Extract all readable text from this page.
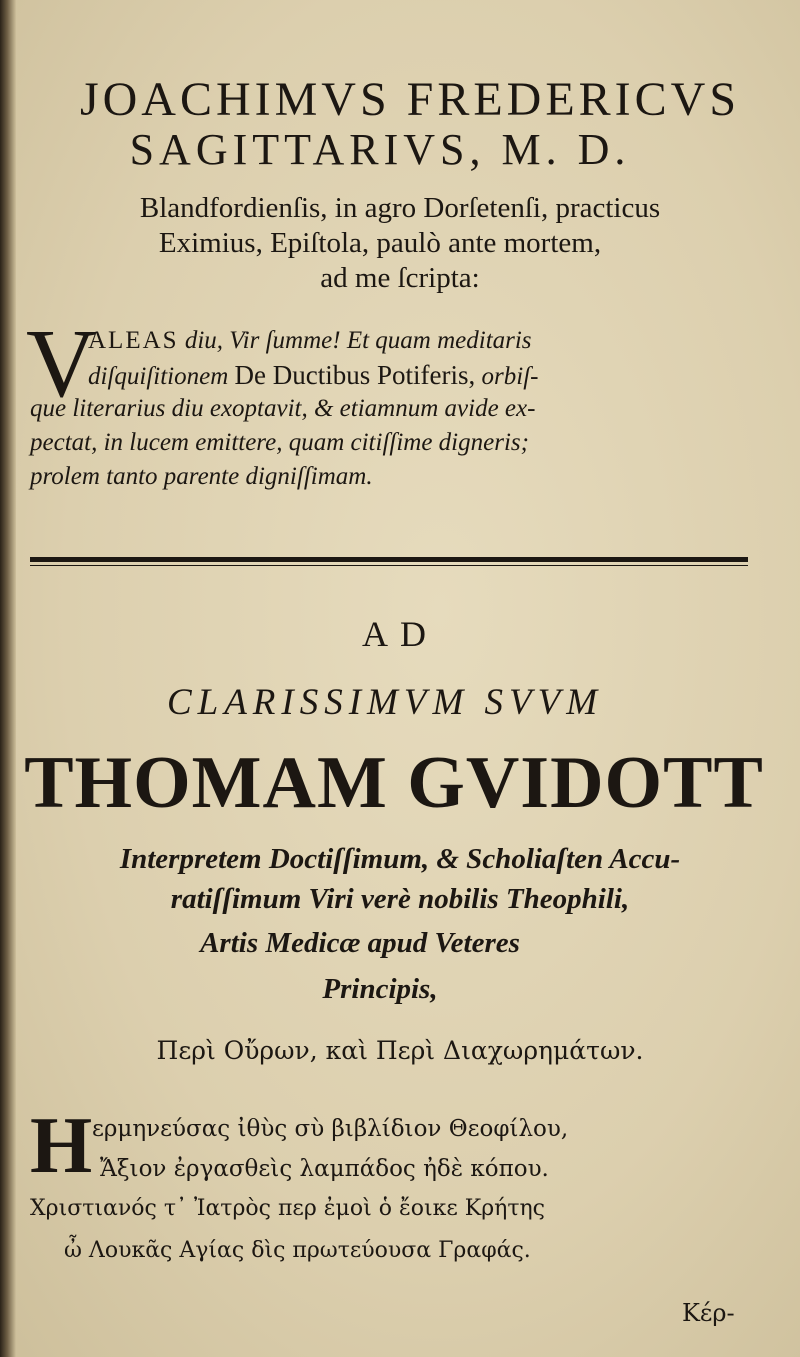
JOACHIMVS FREDERICVS
SAGITTARIVS, M. D.
Blandfordienſis, in agro Dorſetenſi, practicus
Eximius, Epiſtola, paulò ante mortem,
ad me ſcripta:
V
ALEAS diu, Vir ſumme! Et quam meditaris
diſquiſitionem De Ductibus Potiferis, orbiſ-
que literarius diu exoptavit, & etiamnum avide ex-
pectat, in lucem emittere, quam citiſſime digneris;
prolem tanto parente digniſſimam.
AD
CLARISSIMVM SVVM
THOMAM GVIDOTT
Interpretem Doctiſſimum, & Scholiaſten Accu-
ratiſſimum Viri verè nobilis Theophili,
Artis Medicæ apud Veteres
Principis,
Περὶ Οὔρων, καὶ Περὶ Διαχωρημάτων.
H ερμηνεύσας ἰθὺς σὺ βιβλίδιον Θεοφίλου,
Ἄξιον ἐργασθεὶς λαμπάδος ἠδὲ κόπου.
Χριστιανός τ᾽ Ἰατρὸς περ ἐμοὶ ὁ ἔοικε Κρήτης
ὦ Λουκᾶς Αγίας δὶς πρωτεύουσα Γραφάς.
Κέρ-
